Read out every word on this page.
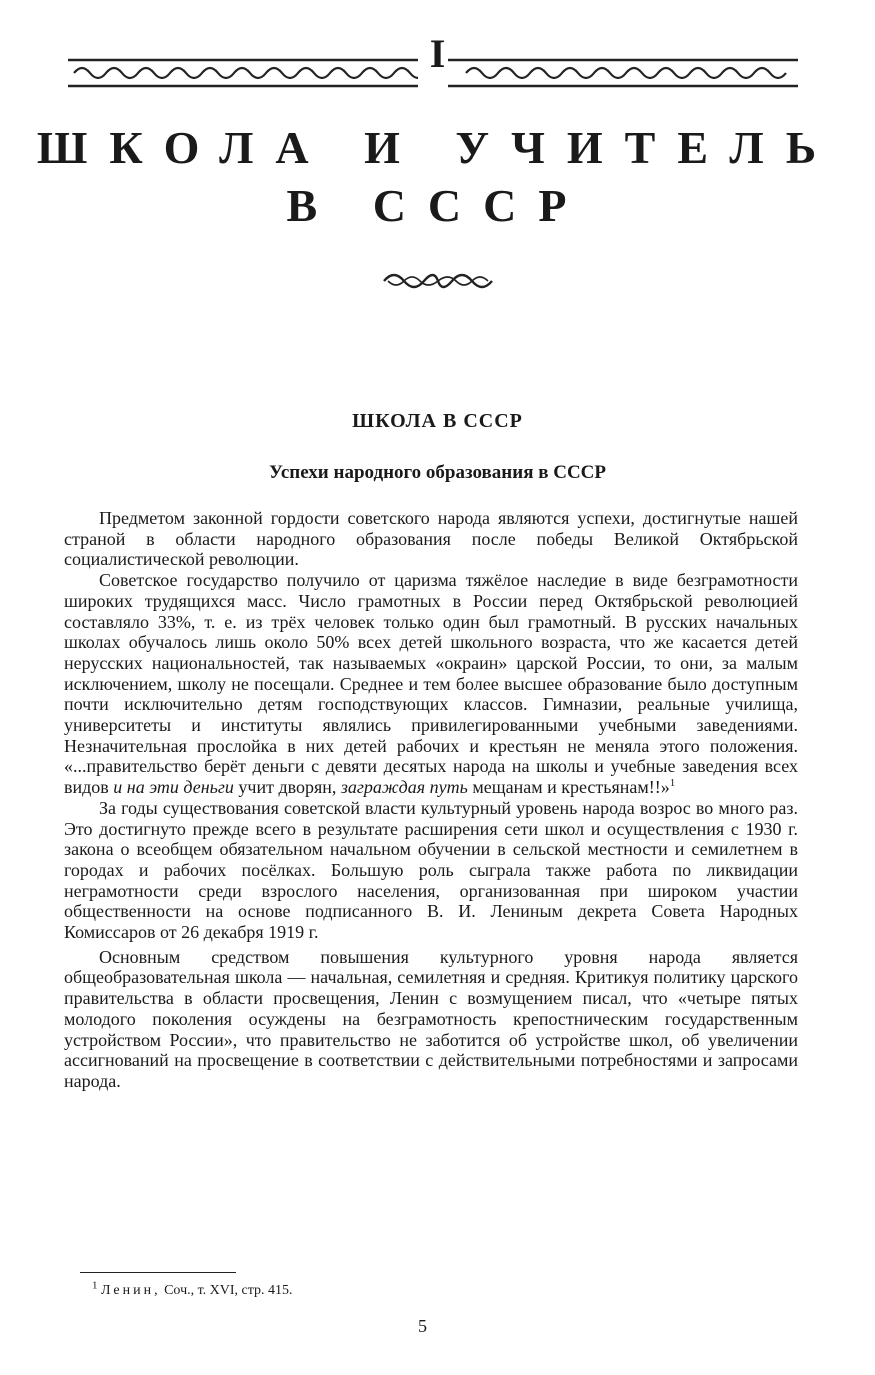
I
ШКОЛА И УЧИТЕЛЬ
В СССР
ШКОЛА В СССР
Успехи народного образования в СССР

Предметом законной гордости советского народа являются успехи, достигнутые нашей страной в области народного образования после победы Великой Октябрьской социалистической революции.

Советское государство получило от царизма тяжёлое наследие в виде безграмотности широких трудящихся масс. Число грамотных в России перед Октябрьской революцией составляло 33%, т. е. из трёх человек только один был грамотный. В русских начальных школах обучалось лишь около 50% всех детей школьного возраста, что же касается детей нерусских национальностей, так называемых «окраин» царской России, то они, за малым исключением, школу не посещали. Среднее и тем более высшее образование было доступным почти исключительно детям господствующих классов. Гимназии, реальные училища, университеты и институты являлись привилегированными учебными заведениями. Незначительная прослойка в них детей рабочих и крестьян не меняла этого положения. «...правительство берёт деньги с девяти десятых народа на школы и учебные заведения всех видов и на эти деньги учит дворян, заграждая путь мещанам и крестьянам!!»$^1$

За годы существования советской власти культурный уровень народа возрос во много раз. Это достигнуто прежде всего в результате расширения сети школ и осуществления с 1930 г. закона о всеобщем обязательном начальном обучении в сельской местности и семилетнем в городах и рабочих посёлках. Большую роль сыграла также работа по ликвидации неграмотности среди взрослого населения, организованная при широком участии общественности на основе подписанного В. И. Лениным декрета Совета Народных Комиссаров от 26 декабря 1919 г.

Основным средством повышения культурного уровня народа является общеобразовательная школа — начальная, семилетняя и средняя. Критикуя политику царского правительства в области просвещения, Ленин с возмущением писал, что «четыре пятых молодого поколения осуждены на безграмотность крепостническим государственным устройством России», что правительство не заботится об устройстве школ, об увеличении ассигнований на просвещение в соответствии с действительными потребностями и запросами народа.

$^1$ Ленин, Соч., т. XVI, стр. 415.
5
